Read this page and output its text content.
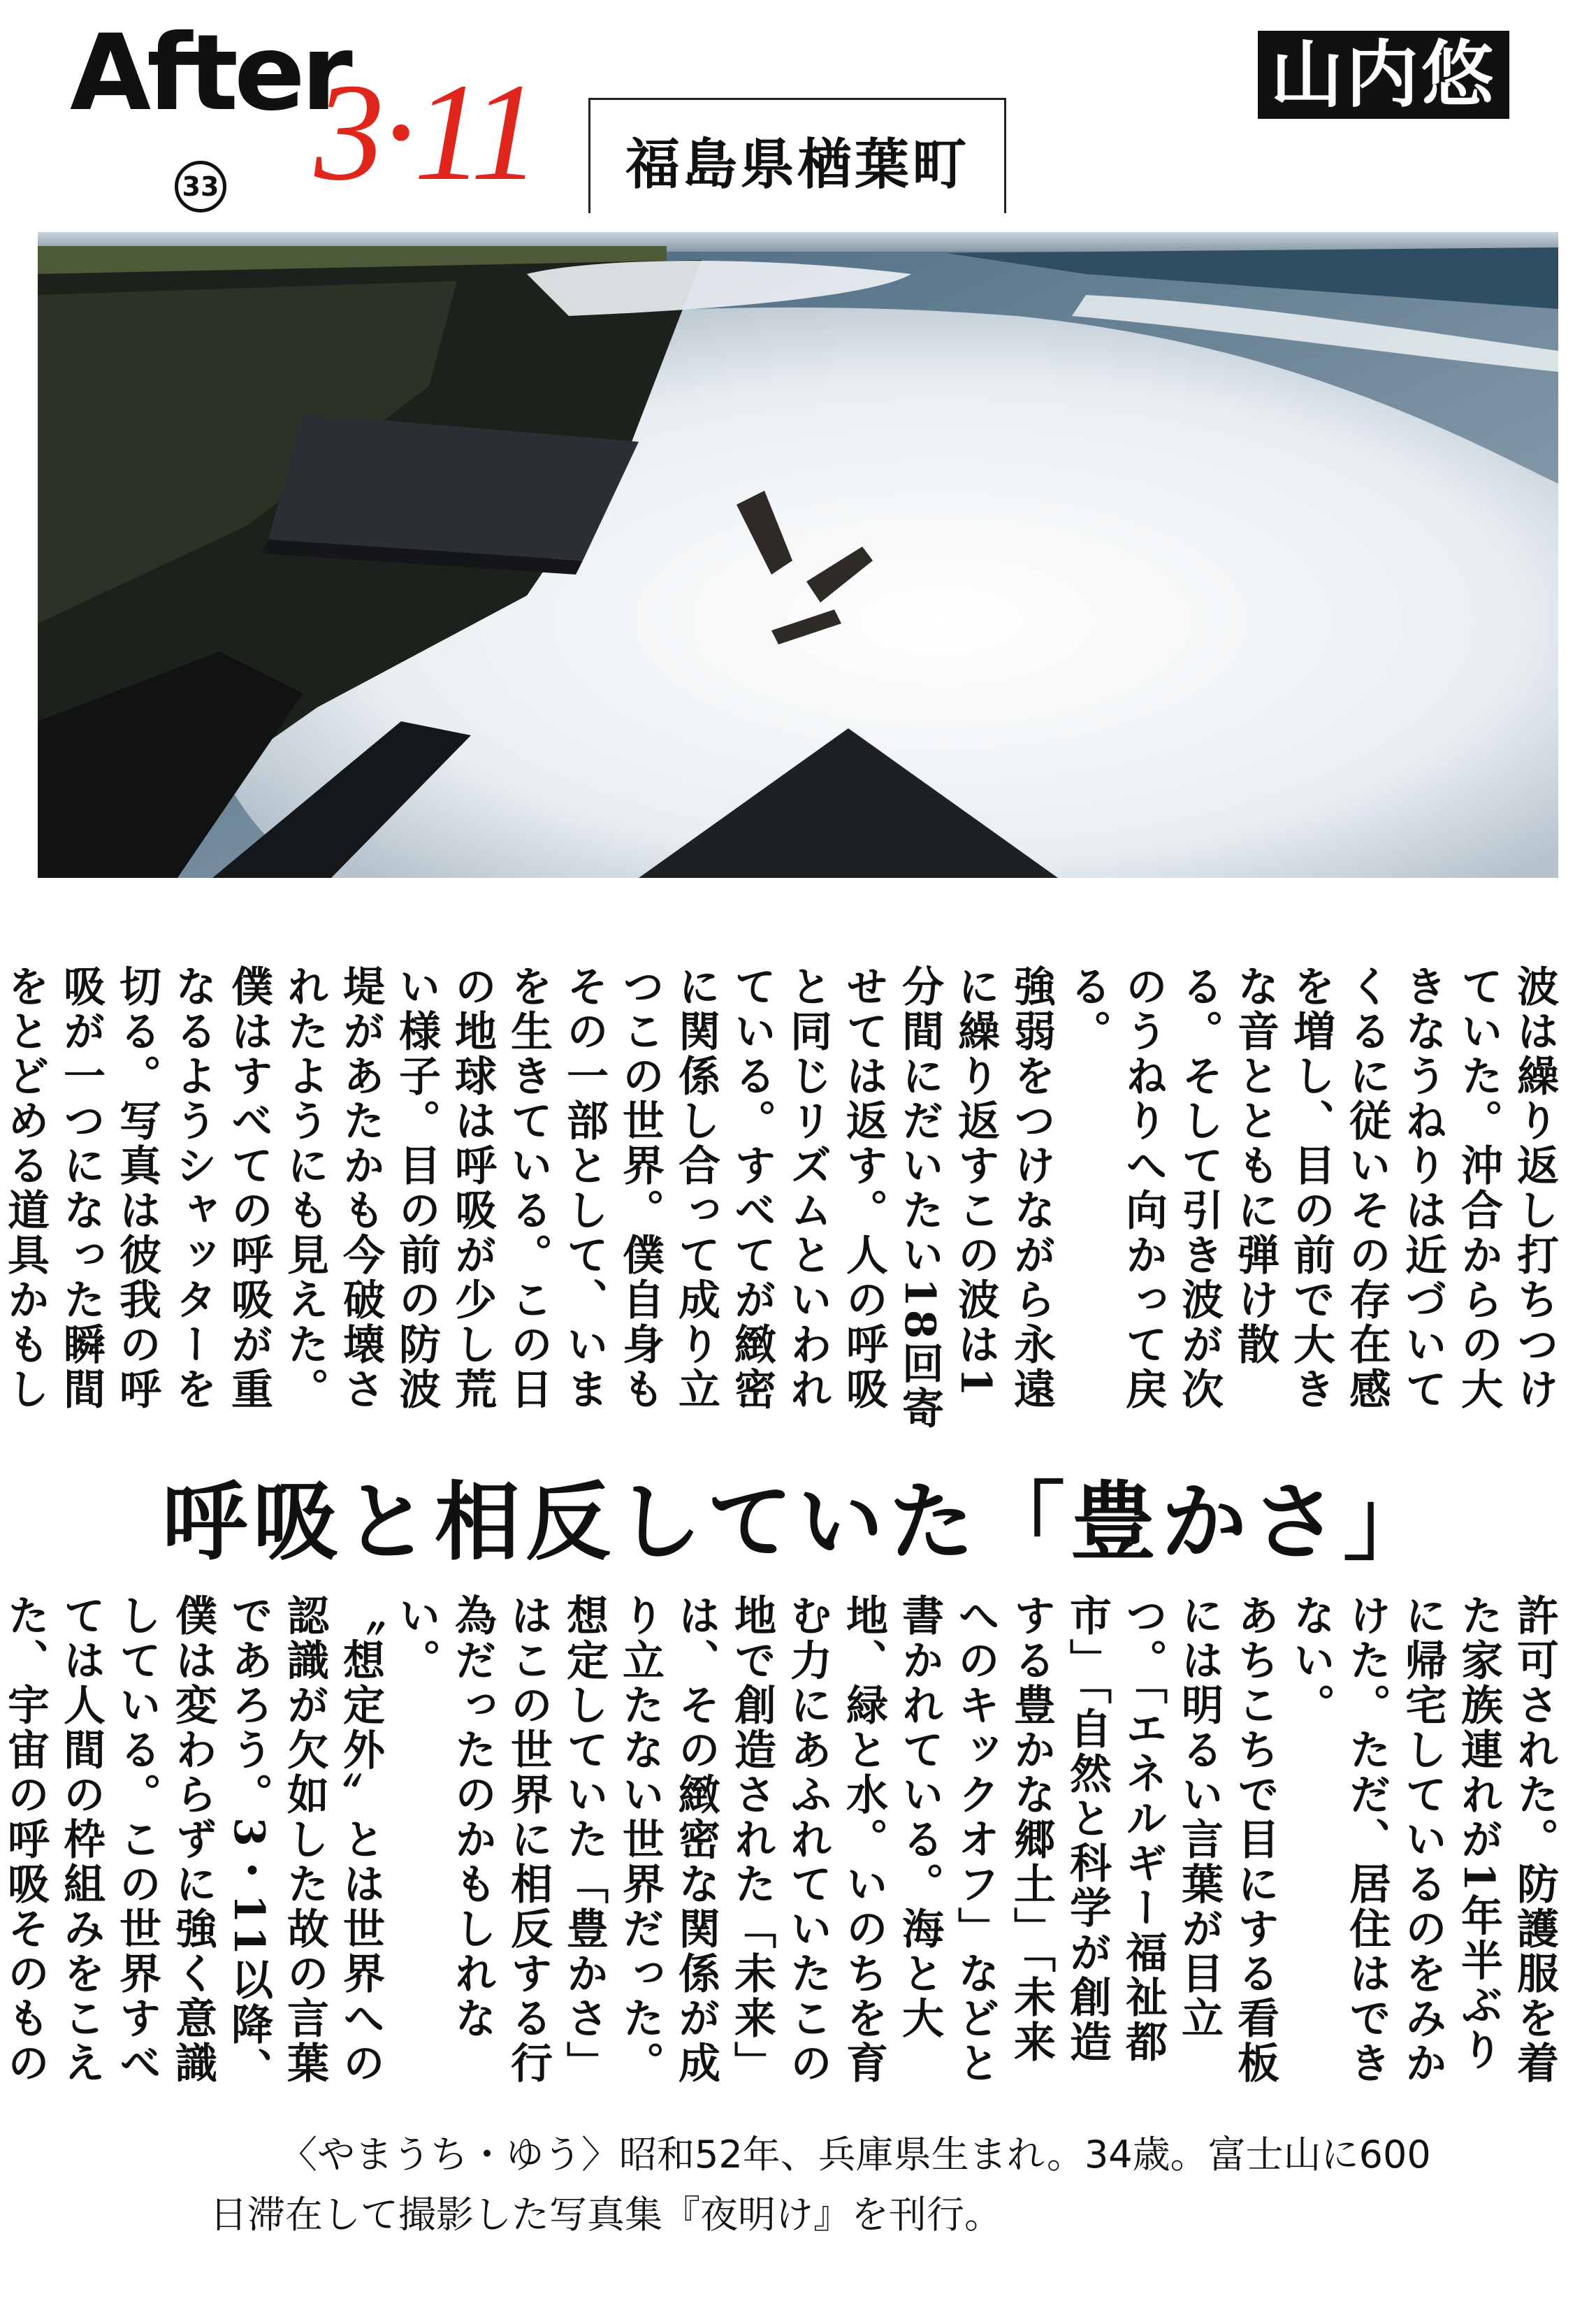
After
3·11
33	福島県楢葉町
山内悠

波は繰り返し打ちつけていた。沖合からの大きなうねりは近づいてくるに従いその存在感を増し、目の前で大きな音とともに弾け散る。そして引き波が次のうねりへ向かって戻る。

強弱をつけながら永遠に繰り返すこの波は1分間にだいたい18回寄せては返す。人の呼吸と同じリズムといわれている。すべてが緻密に関係し合って成り立つこの世界。僕自身もその一部として、いまを生きている。この日の地球は呼吸が少し荒い様子。目の前の防波堤があたかも今破壊されたようにも見えた。僕はすべての呼吸が重なるようシャッターを切る。写真は彼我の呼吸が一つになった瞬間をとどめる道具かもし

呼吸と相反していた「豊かさ」

許可された。防護服を着た家族連れが1年半ぶりに帰宅しているのをみかけた。ただ、居住はできない。

あちこちで目にする看板には明るい言葉が目立つ。「エネルギー福祉都市」「自然と科学が創造する豊かな郷土」「未来へのキックオフ」などと書かれている。海と大地、緑と水。いのちを育む力にあふれていたこの地で創造された「未来」は、その緻密な関係が成り立たない世界だった。想定していた「豊かさ」はこの世界に相反する行為だったのかもしれない。

〝想定外〟とは世界への認識が欠如した故の言葉であろう。3・11以降、僕は変わらずに強く意識している。この世界すべては人間の枠組みをこえた、宇宙の呼吸そのもの

〈やまうち・ゆう〉昭和52年、兵庫県生まれ。34歳。富士山に600日滞在して撮影した写真集『夜明け』を刊行。
